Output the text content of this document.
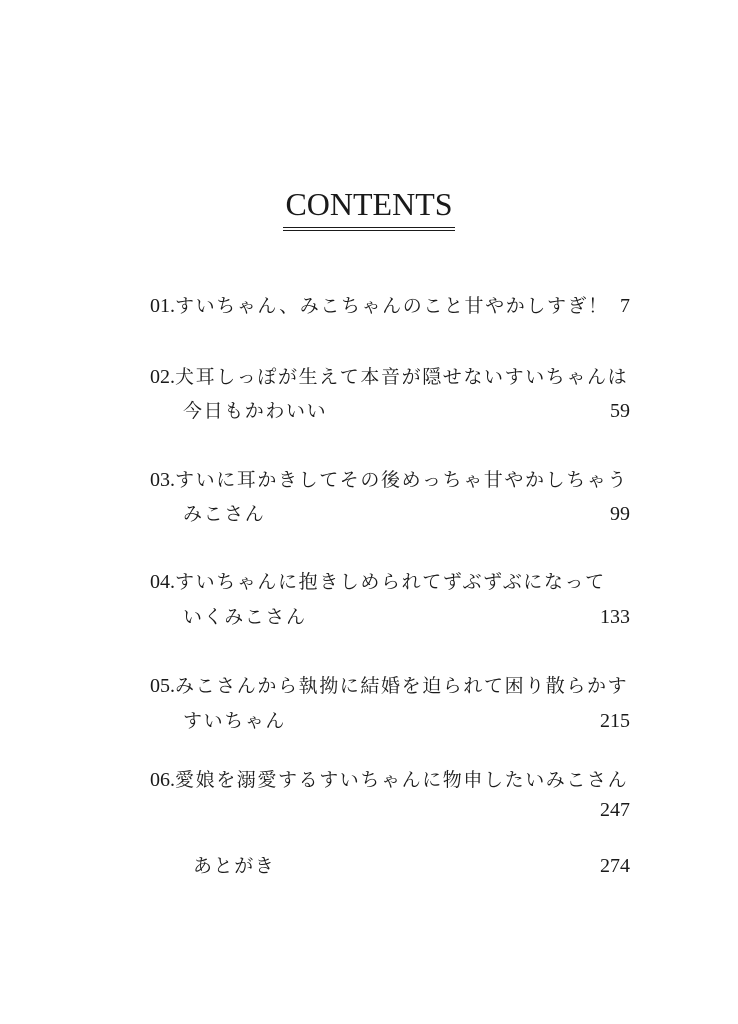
CONTENTS
01.すいちゃん、みこちゃんのこと甘やかしすぎ！ 7
02.犬耳しっぽが生えて本音が隠せないすいちゃんは
今日もかわいい	59
03.すいに耳かきしてその後めっちゃ甘やかしちゃう
みこさん	99
04.すいちゃんに抱きしめられてずぶずぶになって
いくみこさん	133
05.みこさんから執拗に結婚を迫られて困り散らかす
すいちゃん	215
06.愛娘を溺愛するすいちゃんに物申したいみこさん
247
あとがき	274
